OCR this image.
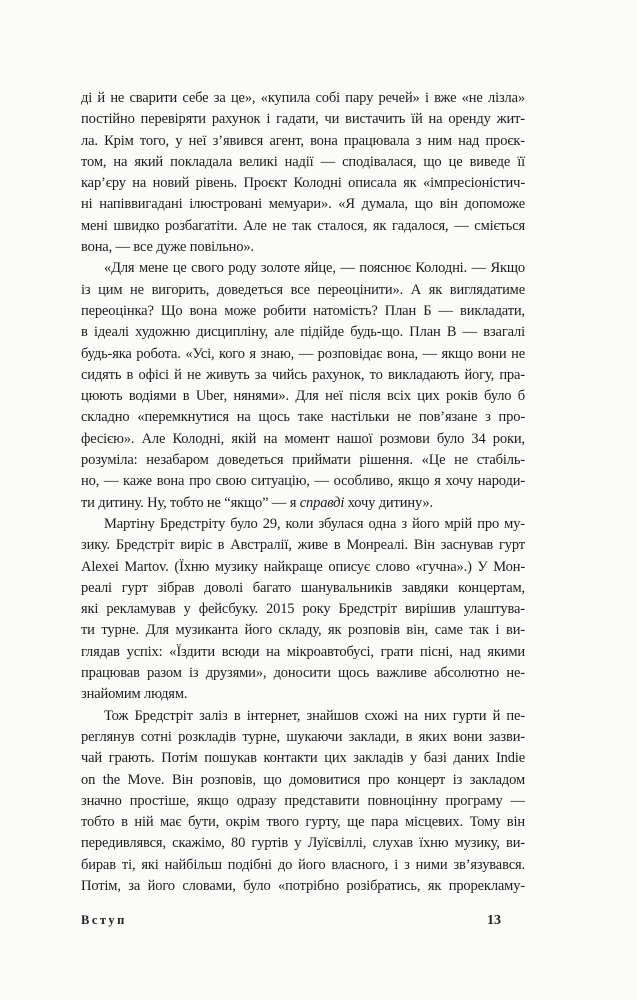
ді й не сварити себе за це», «купила собі пару речей» і вже «не лізла»
постійно перевіряти рахунок і гадати, чи вистачить їй на оренду жит-
ла. Крім того, у неї з’явився агент, вона працювала з ним над проєк-
том, на який покладала великі надії — сподівалася, що це виведе її
кар’єру на новий рівень. Проєкт Колодні описала як «імпресіоністич-
ні напіввигадані ілюстровані мемуари». «Я думала, що він допоможе
мені швидко розбагатіти. Але не так сталося, як гадалося, — сміється
вона, — все дуже повільно».
«Для мене це свого роду золоте яйце, — пояснює Колодні. — Якщо
із цим не вигорить, доведеться все переоцінити». А як виглядатиме
переоцінка? Що вона може робити натомість? План Б — викладати,
в ідеалі художню дисципліну, але підійде будь-що. План В — взагалі
будь-яка робота. «Усі, кого я знаю, — розповідає вона, — якщо вони не
сидять в офісі й не живуть за чийсь рахунок, то викладають йогу, пра-
цюють водіями в Uber, нянями». Для неї після всіх цих років було б
складно «перемкнутися на щось таке настільки не пов’язане з про-
фесією». Але Колодні, якій на момент нашої розмови було 34 роки,
розуміла: незабаром доведеться приймати рішення. «Це не стабіль-
но, — каже вона про свою ситуацію, — особливо, якщо я хочу народи-
ти дитину. Ну, тобто не “якщо” — я справді хочу дитину».
Мартіну Бредстріту було 29, коли збулася одна з його мрій про му-
зику. Бредстріт виріс в Австралії, живе в Монреалі. Він заснував гурт
Alexei Martov. (Їхню музику найкраще описує слово «гучна».) У Мон-
реалі гурт зібрав доволі багато шанувальників завдяки концертам,
які рекламував у фейсбуку. 2015 року Бредстріт вирішив улаштува-
ти турне. Для музиканта його складу, як розповів він, саме так і ви-
глядав успіх: «Їздити всюди на мікроавтобусі, грати пісні, над якими
працював разом із друзями», доносити щось важливе абсолютно не-
знайомим людям.
Тож Бредстріт заліз в інтернет, знайшов схожі на них гурти й пе-
реглянув сотні розкладів турне, шукаючи заклади, в яких вони зазви-
чай грають. Потім пошукав контакти цих закладів у базі даних Indie
on the Move. Він розповів, що домовитися про концерт із закладом
значно простіше, якщо одразу представити повноцінну програму —
тобто в ній має бути, окрім твого гурту, ще пара місцевих. Тому він
передивлявся, скажімо, 80 гуртів у Луїсвіллі, слухав їхню музику, ви-
бирав ті, які найбільш подібні до його власного, і з ними зв’язувався.
Потім, за його словами, було «потрібно розібратись, як прорекламу-
Вступ	13
